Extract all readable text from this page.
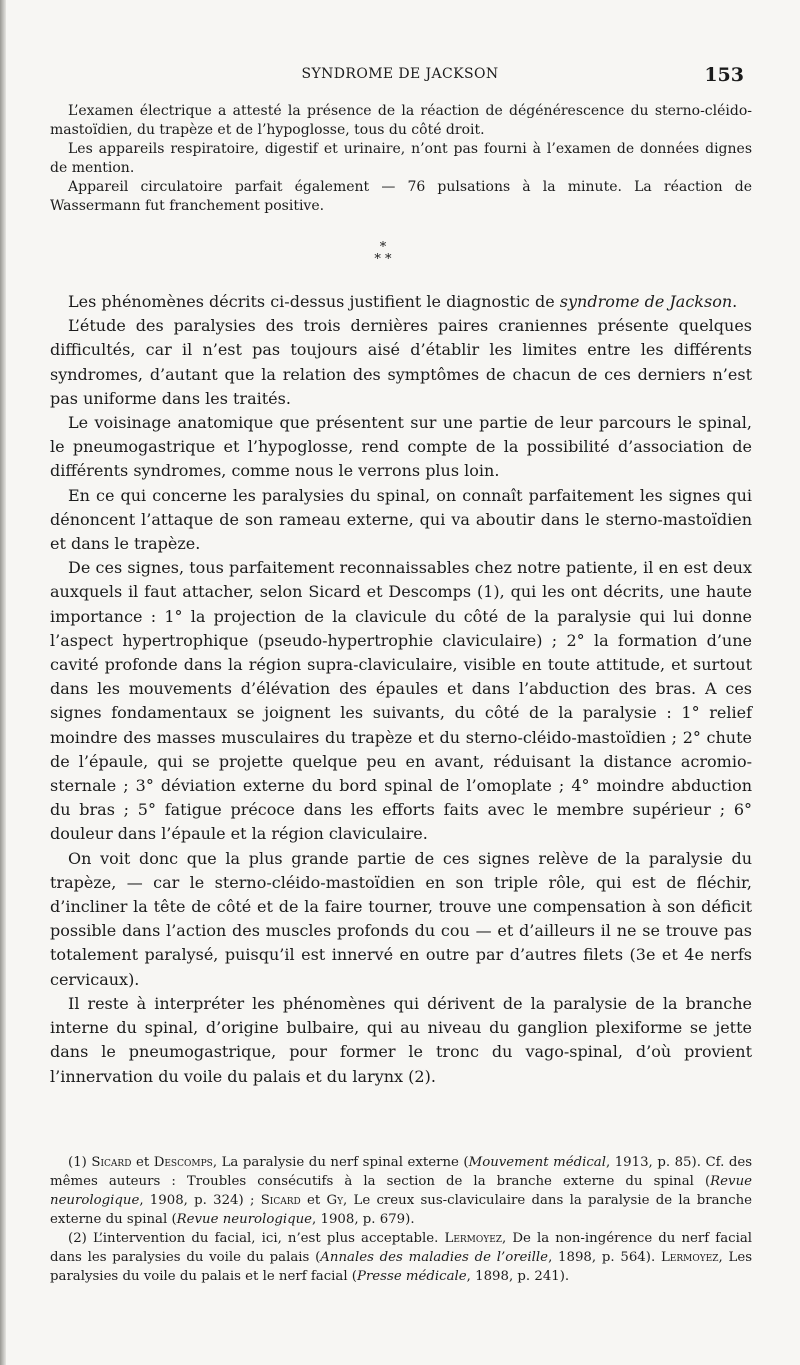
SYNDROME DE JACKSON	153

L’examen électrique a attesté la présence de la réaction de dégénérescence du sterno-cléido-mastoïdien, du trapèze et de l’hypoglosse, tous du côté droit.

Les appareils respiratoire, digestif et urinaire, n’ont pas fourni à l’examen de données dignes de mention.

Appareil circulatoire parfait également — 76 pulsations à la minute. La réaction de Wassermann fut franchement positive.

*
* *

Les phénomènes décrits ci-dessus justifient le diagnostic de syndrome de Jackson.

L’étude des paralysies des trois dernières paires craniennes présente quelques difficultés, car il n’est pas toujours aisé d’établir les limites entre les différents syndromes, d’autant que la relation des symptômes de chacun de ces derniers n’est pas uniforme dans les traités.

Le voisinage anatomique que présentent sur une partie de leur parcours le spinal, le pneumogastrique et l’hypoglosse, rend compte de la possibilité d’association de différents syndromes, comme nous le verrons plus loin.

En ce qui concerne les paralysies du spinal, on connaît parfaitement les signes qui dénoncent l’attaque de son rameau externe, qui va aboutir dans le sterno-mastoïdien et dans le trapèze.

De ces signes, tous parfaitement reconnaissables chez notre patiente, il en est deux auxquels il faut attacher, selon Sicard et Descomps (1), qui les ont décrits, une haute importance : 1° la projection de la clavicule du côté de la paralysie qui lui donne l’aspect hypertrophique (pseudo-hypertrophie claviculaire) ; 2° la formation d’une cavité profonde dans la région supra-claviculaire, visible en toute attitude, et surtout dans les mouvements d’élévation des épaules et dans l’abduction des bras. A ces signes fondamentaux se joignent les suivants, du côté de la paralysie : 1° relief moindre des masses musculaires du trapèze et du sterno-cléido-mastoïdien ; 2° chute de l’épaule, qui se projette quelque peu en avant, réduisant la distance acromio-sternale ; 3° déviation externe du bord spinal de l’omoplate ; 4° moindre abduction du bras ; 5° fatigue précoce dans les efforts faits avec le membre supérieur ; 6° douleur dans l’épaule et la région claviculaire.

On voit donc que la plus grande partie de ces signes relève de la paralysie du trapèze, — car le sterno-cléido-mastoïdien en son triple rôle, qui est de fléchir, d’incliner la tête de côté et de la faire tourner, trouve une compensation à son déficit possible dans l’action des muscles profonds du cou — et d’ailleurs il ne se trouve pas totalement paralysé, puisqu’il est innervé en outre par d’autres filets (3e et 4e nerfs cervicaux).

Il reste à interpréter les phénomènes qui dérivent de la paralysie de la branche interne du spinal, d’origine bulbaire, qui au niveau du ganglion plexiforme se jette dans le pneumogastrique, pour former le tronc du vago-spinal, d’où provient l’innervation du voile du palais et du larynx (2).

(1) Sicard et Descomps, La paralysie du nerf spinal externe (Mouvement médical, 1913, p. 85). Cf. des mêmes auteurs : Troubles consécutifs à la section de la branche externe du spinal (Revue neurologique, 1908, p. 324) ; Sicard et Gy, Le creux sus-claviculaire dans la paralysie de la branche externe du spinal (Revue neurologique, 1908, p. 679).

(2) L’intervention du facial, ici, n’est plus acceptable. Lermoyez, De la non-ingérence du nerf facial dans les paralysies du voile du palais (Annales des maladies de l’oreille, 1898, p. 564). Lermoyez, Les paralysies du voile du palais et le nerf facial (Presse médicale, 1898, p. 241).
